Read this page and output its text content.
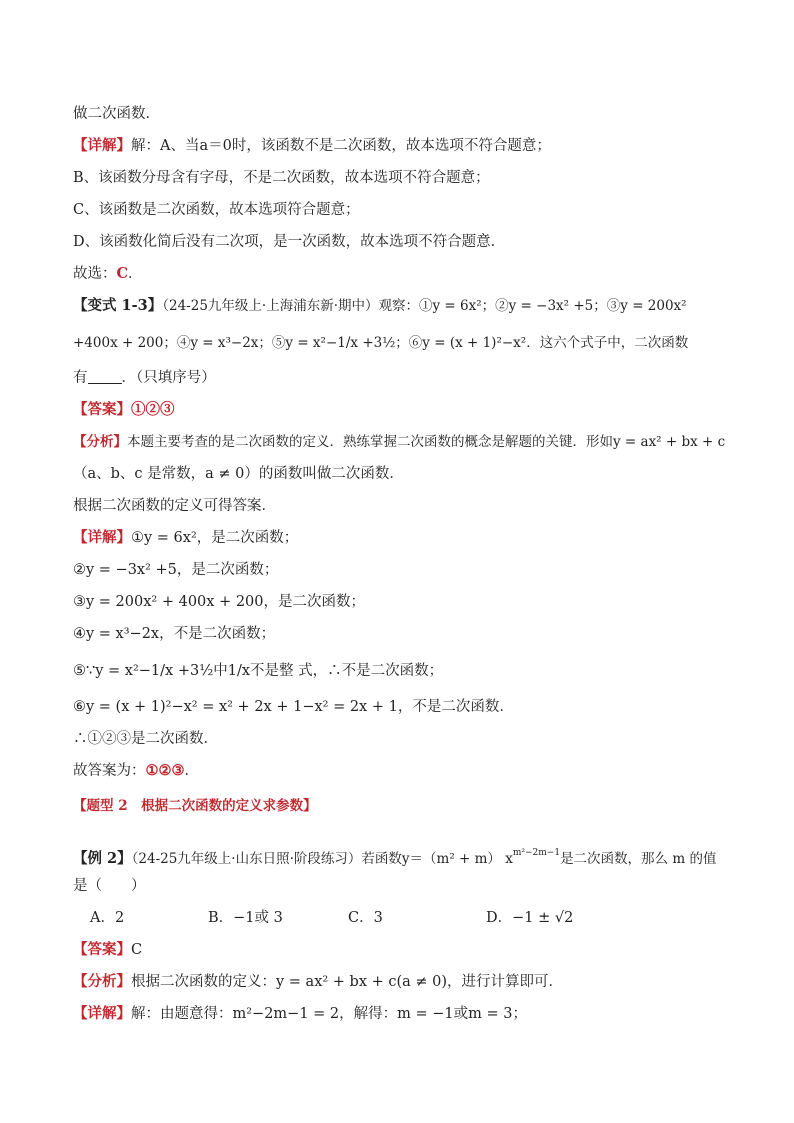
做二次函数．
【详解】解：A、当a＝0时，该函数不是二次函数，故本选项不符合题意；
B、该函数分母含有字母，不是二次函数，故本选项不符合题意；
C、该函数是二次函数，故本选项符合题意；
D、该函数化简后没有二次项，是一次函数，故本选项不符合题意．
故选：C．
【变式 1-3】（24-25九年级上·上海浦东新·期中）观察：①y = 6x²；②y = −3x² +5；③y = 200x²
+400x + 200；④y = x³−2x；⑤y = x²−1/x +3½；⑥y = (x + 1)²−x²．这六个式子中，二次函数
有 ．（只填序号）
【答案】①②③
【分析】本题主要考查的是二次函数的定义．熟练掌握二次函数的概念是解题的关键．形如y = ax² + bx + c
（a、b、c 是常数，a ≠ 0）的函数叫做二次函数．
根据二次函数的定义可得答案．
【详解】①y = 6x²，是二次函数；
②y = −3x² +5，是二次函数；
③y = 200x² + 400x + 200，是二次函数；
④y = x³−2x，不是二次函数；
⑤∵y = x²−1/x +3½中1/x不是整 式，∴不是二次函数；
⑥y = (x + 1)²−x² = x² + 2x + 1−x² = 2x + 1，不是二次函数．
∴①②③是二次函数．
故答案为：①②③．
【题型 2　根据二次函数的定义求参数】
【例 2】（24-25九年级上·山东日照·阶段练习）若函数y＝（m² + m） $x^{m^2-2m-1}$是二次函数，那么 m 的值
是（　　）
A．2	B．−1或 3	C．3	D．−1 ± √2
【答案】C
【分析】根据二次函数的定义：y = ax² + bx + c(a ≠ 0)，进行计算即可．
【详解】解：由题意得：m²−2m−1 = 2，解得：m = −1或m = 3；
